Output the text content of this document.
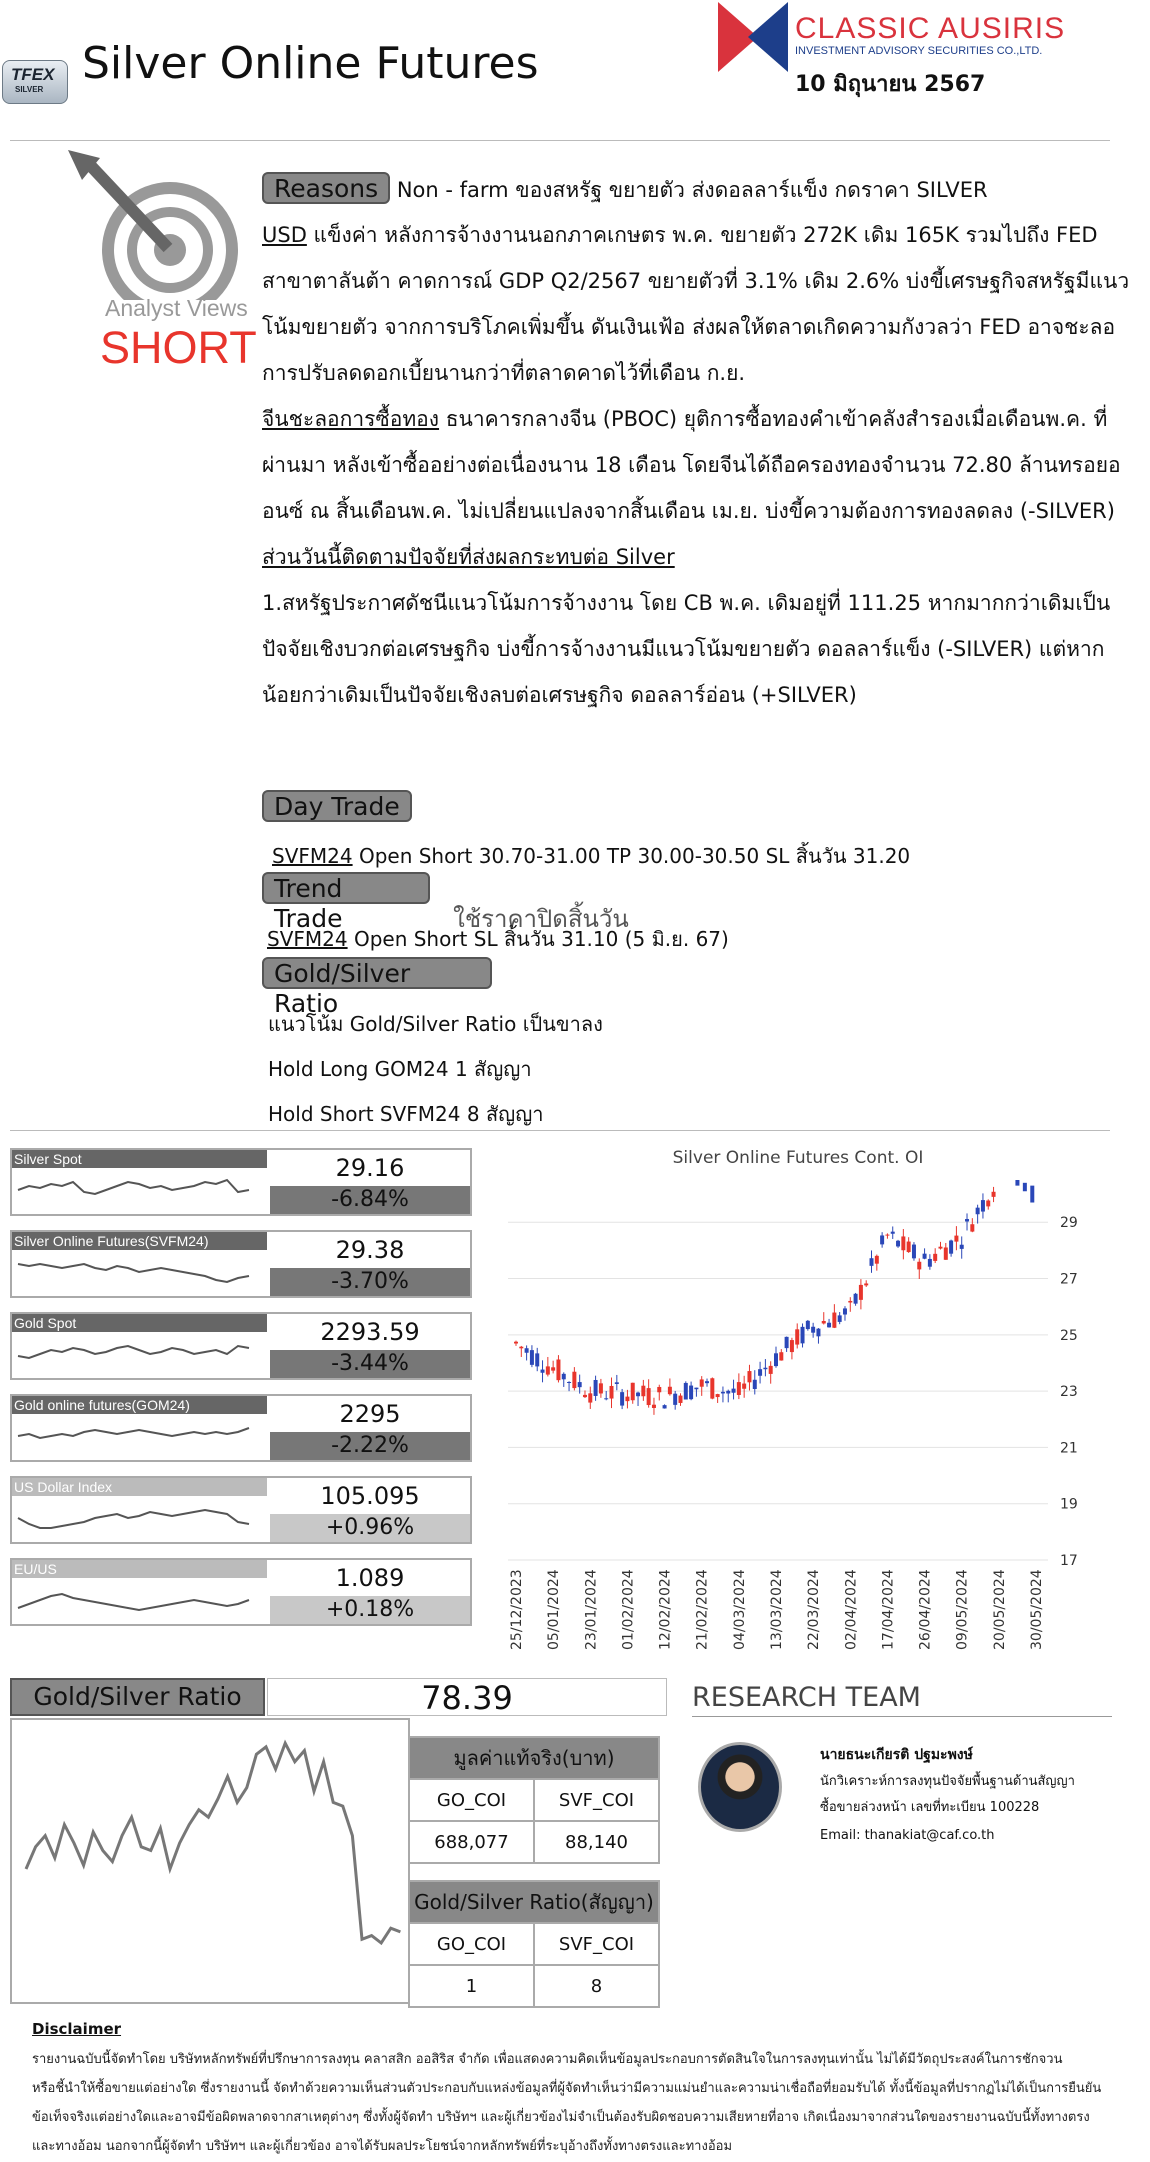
TFEX
SILVER
Silver Online Futures
CLASSIC AUSIRIS
INVESTMENT ADVISORY SECURITIES CO.,LTD.
10 มิถุนายน 2567
Analyst Views
SHORT
Reasons Non - farm ของสหรัฐ ขยายตัว ส่งดอลลาร์แข็ง กดราคา SILVER
USD แข็งค่า หลังการจ้างงานนอกภาคเกษตร พ.ค. ขยายตัว 272K เดิม 165K รวมไปถึง FED สาขาตาลันต้า คาดการณ์ GDP Q2/2567 ขยายตัวที่ 3.1% เดิม 2.6% บ่งขี้เศรษฐกิจสหรัฐมีแนวโน้มขยายตัว จากการบริโภคเพิ่มขึ้น ดันเงินเฟ้อ ส่งผลให้ตลาดเกิดความกังวลว่า FED อาจชะลอการปรับลดดอกเบี้ยนานกว่าที่ตลาดคาดไว้ที่เดือน ก.ย.
จีนชะลอการซื้อทอง ธนาคารกลางจีน (PBOC) ยุติการซื้อทองคำเข้าคลังสำรองเมื่อเดือนพ.ค. ที่ผ่านมา หลังเข้าซื้ออย่างต่อเนื่องนาน 18 เดือน โดยจีนได้ถือครองทองจำนวน 72.80 ล้านทรอยออนซ์ ณ สิ้นเดือนพ.ค. ไม่เปลี่ยนแปลงจากสิ้นเดือน เม.ย. บ่งขี้ความต้องการทองลดลง (-SILVER)
ส่วนวันนี้ติดตามปัจจัยที่ส่งผลกระทบต่อ Silver
1.สหรัฐประกาศดัชนีแนวโน้มการจ้างงาน โดย CB พ.ค. เดิมอยู่ที่ 111.25 หากมากกว่าเดิมเป็นปัจจัยเชิงบวกต่อเศรษฐกิจ บ่งขี้การจ้างงานมีแนวโน้มขยายตัว ดอลลาร์แข็ง (-SILVER) แต่หากน้อยกว่าเดิมเป็นปัจจัยเชิงลบต่อเศรษฐกิจ ดอลลาร์อ่อน (+SILVER)
Day Trade
SVFM24 Open Short 30.70-31.00 TP 30.00-30.50 SL สิ้นวัน 31.20
Trend Trade	ใช้ราคาปิดสิ้นวัน
SVFM24 Open Short SL สิ้นวัน 31.10 (5 มิ.ย. 67)
Gold/Silver Ratio
แนวโน้ม Gold/Silver Ratio เป็นขาลง
Hold Long GOM24 1 สัญญา
Hold Short SVFM24 8 สัญญา
Silver Spot	29.16
-6.84%
Silver Online Futures(SVFM24)	29.38
-3.70%
Gold Spot	2293.59
-3.44%
Gold online futures(GOM24)	2295
-2.22%
US Dollar Index	105.095
+0.96%
EU/US	1.089
+0.18%
Silver Online Futures Cont. OI
17
19
21
23
25
27
29
25/12/2023 05/01/2024 23/01/2024 01/02/2024 12/02/2024 21/02/2024 04/03/2024 13/03/2024 22/03/2024 02/04/2024 17/04/2024 26/04/2024 09/05/2024 20/05/2024 30/05/2024
Gold/Silver Ratio	78.39	RESEARCH TEAM
มูลค่าแท้จริง(บาท)	
GO_COI	SVF_COI
688,077	88,140
Gold/Silver Ratio(สัญญา)	
GO_COI	SVF_COI
1	8
นายธนะเกียรติ ปฐมะพงษ์
นักวิเคราะห์การลงทุนปัจจัยพื้นฐานด้านสัญญา
ซื้อขายล่วงหน้า เลขที่ทะเบียน 100228
Email: thanakiat@caf.co.th
Disclaimer
รายงานฉบับนี้จัดทำโดย บริษัทหลักทรัพย์ที่ปรึกษาการลงทุน คลาสสิก ออสิริส จำกัด เพื่อแสดงความคิดเห็นข้อมูลประกอบการตัดสินใจในการลงทุนเท่านั้น ไม่ได้มีวัตถุประสงค์ในการชักจวน
หรือชี้นำให้ซื้อขายแต่อย่างใด ซึ่งรายงานนี้ จัดทำด้วยความเห็นส่วนตัวประกอบกับแหล่งข้อมูลที่ผู้จัดทำเห็นว่ามีความแม่นยำและความน่าเชื่อถือที่ยอมรับได้ ทั้งนี้ข้อมูลที่ปรากฏไม่ได้เป็นการยืนยัน
ข้อเท็จจริงแต่อย่างใดและอาจมีข้อผิดพลาดจากสาเหตุต่างๆ ซึ่งทั้งผู้จัดทำ บริษัทฯ และผู้เกี่ยวข้องไม่จำเป็นต้องรับผิดชอบความเสียหายที่อาจ เกิดเนื่องมาจากส่วนใดของรายงานฉบับนี้ทั้งทางตรง
และทางอ้อม นอกจากนี้ผู้จัดทำ บริษัทฯ และผู้เกี่ยวข้อง อาจได้รับผลประโยชน์จากหลักทรัพย์ที่ระบุอ้างถึงทั้งทางตรงและทางอ้อม
